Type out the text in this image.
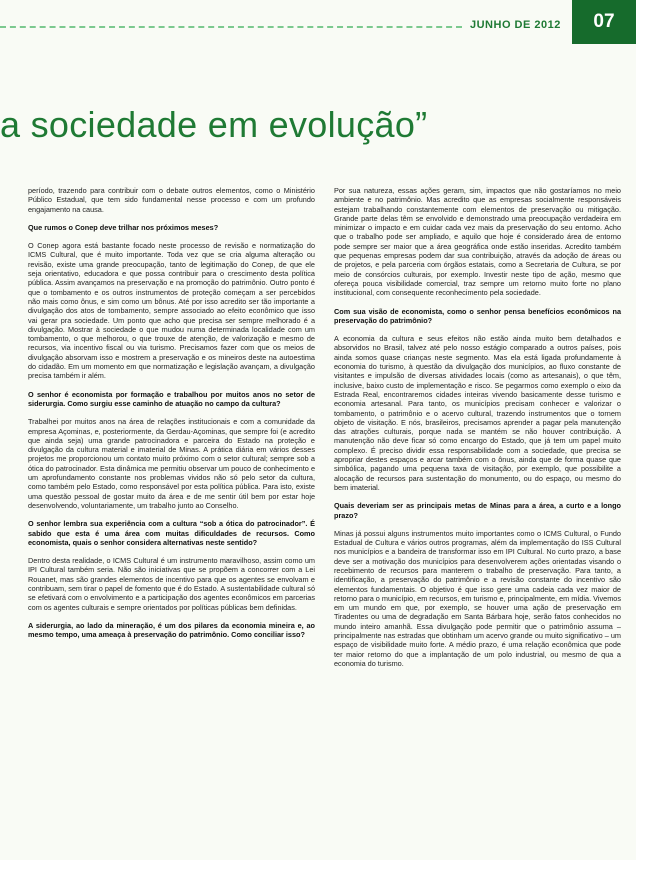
JUNHO DE 2012	07
a sociedade em evolução”

período, trazendo para contribuir com o debate outros elementos, como o Ministério Público Estadual, que tem sido fundamental nesse processo e com um profundo engajamento na causa.

Que rumos o Conep deve trilhar nos próximos meses?

O Conep agora está bastante focado neste processo de revisão e normatização do ICMS Cultural, que é muito importante. Toda vez que se cria alguma alteração ou revisão, existe uma grande preocupação, tanto de legitimação do Conep, de que ele seja orientativo, educadora e que possa contribuir para o crescimento desta política pública. Assim avançamos na preservação e na promoção do patrimônio. Outro ponto é que o tombamento e os outros instrumentos de proteção começam a ser percebidos não mais como ônus, e sim como um bônus. Até por isso acredito ser tão importante a divulgação dos atos de tombamento, sempre associado ao efeito econômico que isso vai gerar pra sociedade. Um ponto que acho que precisa ser sempre melhorado é a divulgação. Mostrar à sociedade o que mudou numa determinada localidade com um tombamento, o que melhorou, o que trouxe de atenção, de valorização e mesmo de recursos, via incentivo fiscal ou via turismo. Precisamos fazer com que os meios de divulgação absorvam isso e mostrem a preservação e os mineiros deste na autoestima do cidadão. Em um momento em que normatização e legislação avançam, a divulgação precisa também ir além.

O senhor é economista por formação e trabalhou por muitos anos no setor de siderurgia. Como surgiu esse caminho de atuação no campo da cultura?

Trabalhei por muitos anos na área de relações institucionais e com a comunidade da empresa Açominas, e, posteriormente, da Gerdau-Açominas, que sempre foi (e acredito que ainda seja) uma grande patrocinadora e parceira do Estado na proteção e divulgação da cultura material e imaterial de Minas. A prática diária em vários desses projetos me proporcionou um contato muito próximo com o setor cultural; sempre sob a ótica do patrocinador. Esta dinâmica me permitiu observar um pouco de conhecimento e um aprofundamento constante nos problemas vividos não só pelo setor da cultura, como também pelo Estado, como responsável por esta política pública. Para isto, existe uma questão pessoal de gostar muito da área e de me sentir útil bem por estar hoje desenvolvendo, voluntariamente, um trabalho junto ao Conselho.

O senhor lembra sua experiência com a cultura “sob a ótica do patrocinador”. É sabido que esta é uma área com muitas dificuldades de recursos. Como economista, quais o senhor considera alternativas neste sentido?

Dentro desta realidade, o ICMS Cultural é um instrumento maravilhoso, assim como um IPI Cultural também seria. Não são iniciativas que se propõem a concorrer com a Lei Rouanet, mas são grandes elementos de incentivo para que os agentes se envolvam e contribuam, sem tirar o papel de fomento que é do Estado. A sustentabilidade cultural só se efetivará com o envolvimento e a participação dos agentes econômicos em parcerias com os agentes culturais e sempre orientados por políticas públicas bem definidas.

A siderurgia, ao lado da mineração, é um dos pilares da economia mineira e, ao mesmo tempo, uma ameaça à preservação do patrimônio. Como conciliar isso?

Por sua natureza, essas ações geram, sim, impactos que não gostaríamos no meio ambiente e no patrimônio. Mas acredito que as empresas socialmente responsáveis estejam trabalhando constantemente com elementos de preservação ou mitigação. Grande parte delas têm se envolvido e demonstrado uma preocupação verdadeira em minimizar o impacto e em cuidar cada vez mais da preservação do seu entorno. Acho que o trabalho pode ser ampliado, e aquilo que hoje é considerado área de entorno pode sempre ser maior que a área geográfica onde estão inseridas. Acredito também que pequenas empresas podem dar sua contribuição, através da adoção de áreas ou de projetos, e pela parceria com órgãos estatais, como a Secretaria de Cultura, se por meio de consórcios culturais, por exemplo. Investir neste tipo de ação, mesmo que ofereça pouca visibilidade comercial, traz sempre um retorno muito forte no plano institucional, com consequente reconhecimento pela sociedade.

Com sua visão de economista, como o senhor pensa benefícios econômicos na preservação do patrimônio?

A economia da cultura e seus efeitos não estão ainda muito bem detalhados e absorvidos no Brasil, talvez até pelo nosso estágio comparado a outros países, pois ainda somos quase crianças neste segmento. Mas ela está ligada profundamente à economia do turismo, à questão da divulgação dos municípios, ao fluxo constante de visitantes e impulsão de diversas atividades locais (como as artesanais), o que têm, inclusive, baixo custo de implementação e risco. Se pegarmos como exemplo o eixo da Estrada Real, encontraremos cidades inteiras vivendo basicamente desse turismo e economia artesanal. Para tanto, os municípios precisam conhecer e valorizar o tombamento, o patrimônio e o acervo cultural, trazendo instrumentos que o tornem objeto de visitação. E nós, brasileiros, precisamos aprender a pagar pela manutenção das atrações culturais, porque nada se mantém se não houver contribuição. A manutenção não deve ficar só como encargo do Estado, que já tem um papel muito complexo. É preciso dividir essa responsabilidade com a sociedade, que precisa se apropriar destes espaços e arcar também com o ônus, ainda que de forma quase que simbólica, pagando uma pequena taxa de visitação, por exemplo, que possibilite a alocação de recursos para sustentação do monumento, ou do espaço, ou mesmo do bem imaterial.

Quais deveriam ser as principais metas de Minas para a área, a curto e a longo prazo?

Minas já possui alguns instrumentos muito importantes como o ICMS Cultural, o Fundo Estadual de Cultura e vários outros programas, além da implementação do ISS Cultural nos municípios e a bandeira de transformar isso em IPI Cultural. No curto prazo, a base deve ser a motivação dos municípios para desenvolverem ações orientadas visando o recebimento de recursos para manterem o trabalho de preservação. Para tanto, a identificação, a preservação do patrimônio e a revisão constante do incentivo são elementos fundamentais. O objetivo é que isso gere uma cadeia cada vez maior de retorno para o município, em recursos, em turismo e, principalmente, em mídia. Vivemos em um mundo em que, por exemplo, se houver uma ação de preservação em Tiradentes ou uma de degradação em Santa Bárbara hoje, serão fatos conhecidos no mundo inteiro amanhã. Essa divulgação pode permitir que o patrimônio assuma – principalmente nas estradas que obtinham um acervo grande ou muito significativo – um espaço de visibilidade muito forte. A médio prazo, é uma relação econômica que pode ter maior retorno do que a implantação de um polo industrial, ou mesmo de qua a economia do turismo.
